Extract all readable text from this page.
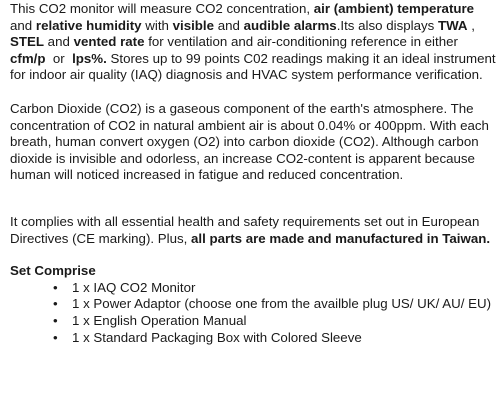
This CO2 monitor will measure CO2 concentration, air (ambient) temperature and relative humidity with visible and audible alarms.Its also displays TWA , STEL and vented rate for ventilation and air-conditioning reference in either cfm/p  or  lps%. Stores up to 99 points C02 readings making it an ideal instrument for indoor air quality (IAQ) diagnosis and HVAC system performance verification.

Carbon Dioxide (CO2) is a gaseous component of the earth's atmosphere. The concentration of CO2 in natural ambient air is about 0.04% or 400ppm. With each breath, human convert oxygen (O2) into carbon dioxide (CO2). Although carbon dioxide is invisible and odorless, an increase CO2-content is apparent because human will noticed increased in fatigue and reduced concentration.

It complies with all essential health and safety requirements set out in European Directives (CE marking). Plus, all parts are made and manufactured in Taiwan.

Set Comprise

• 1 x IAQ CO2 Monitor
• 1 x Power Adaptor (choose one from the availble plug US/ UK/ AU/ EU)
• 1 x English Operation Manual
• 1 x Standard Packaging Box with Colored Sleeve
